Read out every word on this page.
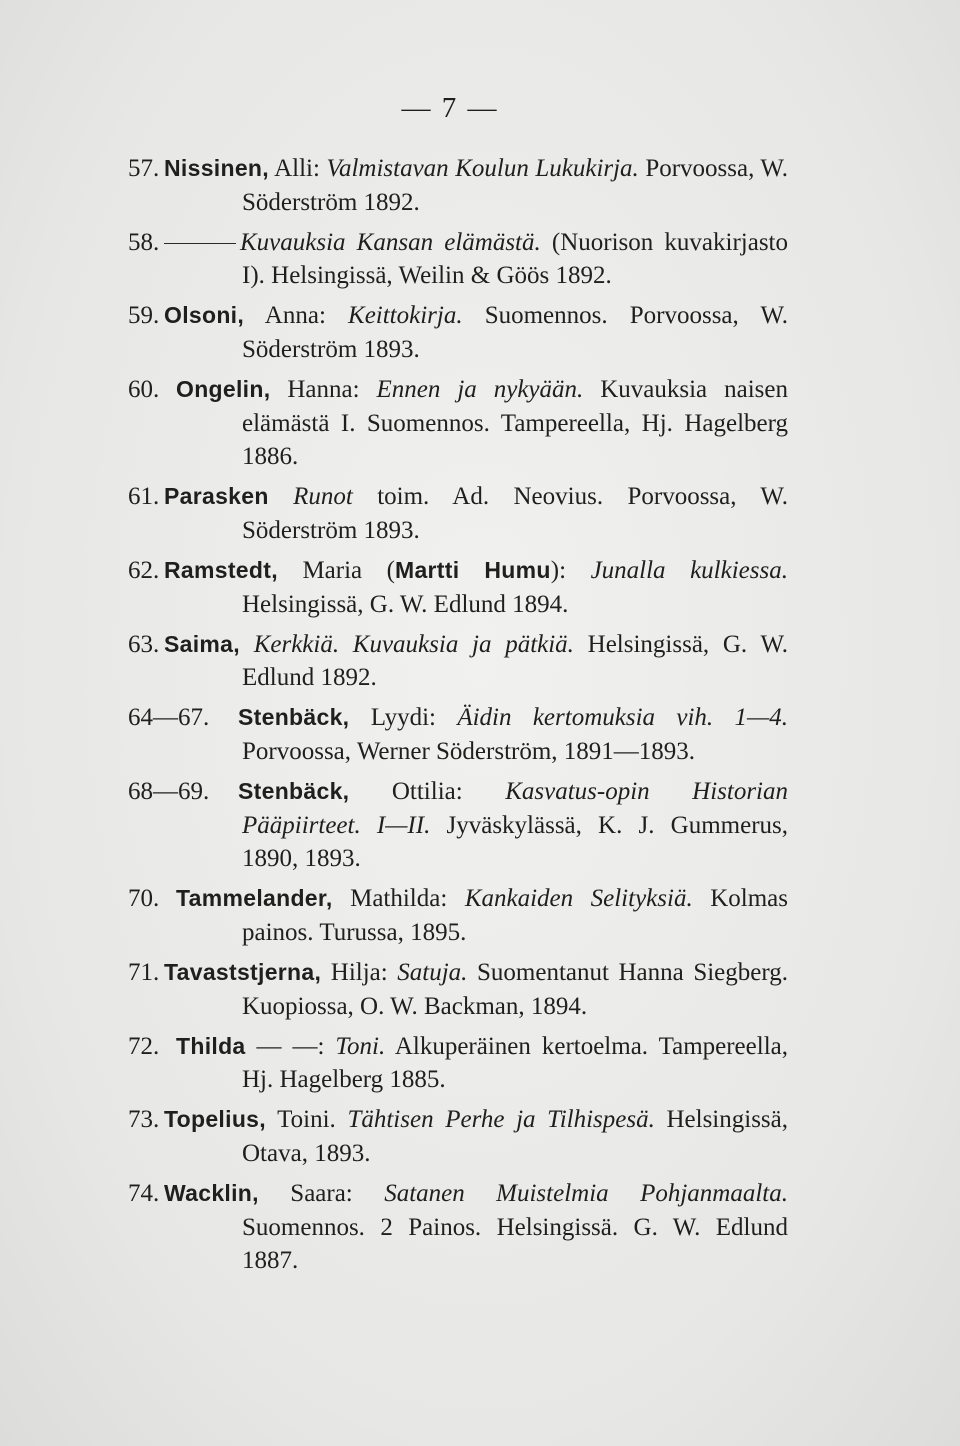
— 7 —
57. Nissinen, Alli: Valmistavan Koulun Lukukirja. Porvoossa, W. Söderström 1892.
58.	Kuvauksia Kansan elämästä. (Nuorison kuvakirjasto I). Helsingissä, Weilin & Göös 1892.
59. Olsoni, Anna: Keittokirja. Suomennos. Porvoossa, W. Söderström 1893.
60. Ongelin, Hanna: Ennen ja nykyään. Kuvauksia naisen elämästä I. Suomennos. Tampereella, Hj. Hagelberg 1886.
61. Parasken Runot toim. Ad. Neovius. Porvoossa, W. Söderström 1893.
62. Ramstedt, Maria (Martti Humu): Junalla kulkiessa. Helsingissä, G. W. Edlund 1894.
63. Saima, Kerkkiä. Kuvauksia ja pätkiä. Helsingissä, G. W. Edlund 1892.
64—67. Stenbäck, Lyydi: Äidin kertomuksia vih. 1—4. Porvoossa, Werner Söderström, 1891—1893.
68—69. Stenbäck, Ottilia: Kasvatus-opin Historian Pääpiirteet. I—II. Jyväskylässä, K. J. Gummerus, 1890, 1893.
70. Tammelander, Mathilda: Kankaiden Selityksiä. Kolmas painos. Turussa, 1895.
71. Tavaststjerna, Hilja: Satuja. Suomentanut Hanna Siegberg. Kuopiossa, O. W. Backman, 1894.
72. Thilda — —: Toni. Alkuperäinen kertoelma. Tampereella, Hj. Hagelberg 1885.
73. Topelius, Toini. Tähtisen Perhe ja Tilhispesä. Helsingissä, Otava, 1893.
74. Wacklin, Saara: Satanen Muistelmia Pohjanmaalta. Suomennos. 2 Painos. Helsingissä. G. W. Edlund 1887.
